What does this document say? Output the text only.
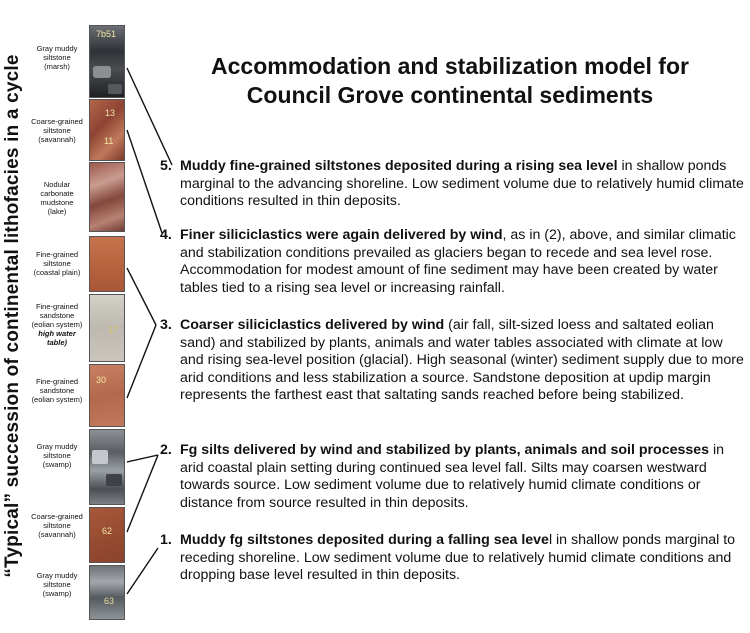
“Typical” succession of continental lithofacies in a cycle
Gray muddy
siltstone
(marsh)
Coarse-grained
siltstone
(savannah)
Nodular
carbonate
mudstone
(lake)
Fine-grained
siltstone
(coastal plain)
Fine-grained
sandstone
(eolian system)
high water
table)
Fine-grained
sandstone
(eolian system)
Gray muddy
siltstone
(swamp)
Coarse-grained
siltstone
(savannah)
Gray muddy
siltstone
(swamp)
7b51
13
11
17
30
62
63
Accommodation and stabilization model for
Council Grove continental sediments
5. Muddy fine-grained siltstones deposited during a rising sea level in shallow ponds marginal to the advancing shoreline. Low sediment volume due to relatively humid climate conditions resulted in thin deposits.
4. Finer siliciclastics were again delivered by wind, as in (2), above, and similar climatic and stabilization conditions prevailed as glaciers began to recede and sea level rose. Accommodation for modest amount of fine sediment may have been created by water tables tied to a rising sea level or increasing rainfall.
3. Coarser siliciclastics delivered by wind (air fall, silt-sized loess and saltated eolian sand) and stabilized by plants, animals and water tables associated with climate at low and rising sea-level position (glacial). High seasonal (winter) sediment supply due to more arid conditions and less stabilization a source. Sandstone deposition at updip margin represents the farthest east that saltating sands reached before being stabilized.
2. Fg silts delivered by wind and stabilized by plants, animals and soil processes in arid coastal plain setting during continued sea level fall. Silts may coarsen westward towards source. Low sediment volume due to relatively humid climate conditions or distance from source resulted in thin deposits.
1. Muddy fg siltstones deposited during a falling sea level in shallow ponds marginal to receding shoreline. Low sediment volume due to relatively humid climate conditions and dropping base level resulted in thin deposits.
